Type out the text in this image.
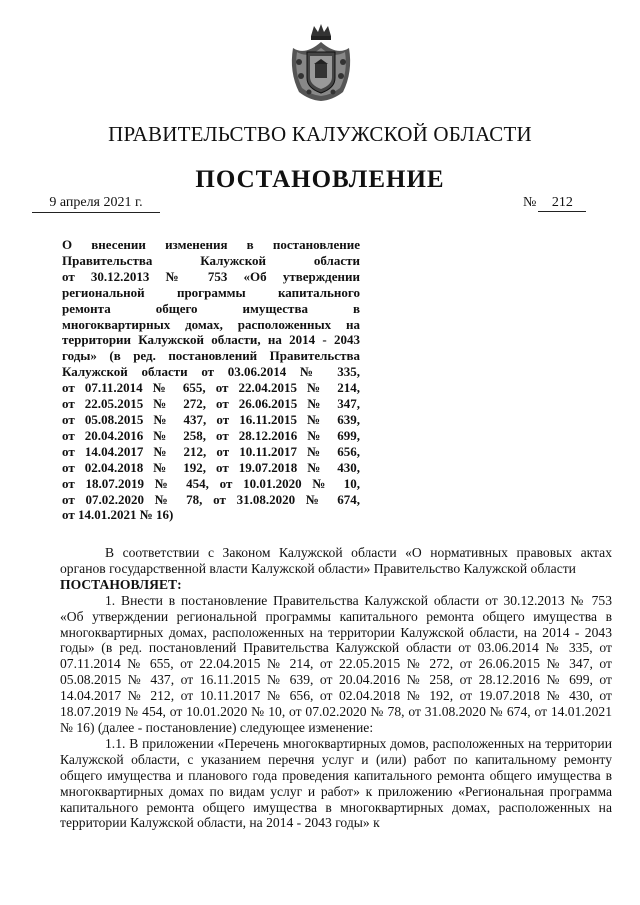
ПРАВИТЕЛЬСТВО КАЛУЖСКОЙ ОБЛАСТИ
ПОСТАНОВЛЕНИЕ
9 апреля 2021 г.	№ 212
О внесении изменения в постановление
Правительства Калужской области
от 30.12.2013 № 753 «Об утверждении
региональной программы капитального
ремонта общего имущества в
многоквартирных домах, расположенных на
территории Калужской области, на 2014 - 2043
годы» (в ред. постановлений Правительства
Калужской области от 03.06.2014 № 335,
от 07.11.2014 № 655, от 22.04.2015 № 214,
от 22.05.2015 № 272, от 26.06.2015 № 347,
от 05.08.2015 № 437, от 16.11.2015 № 639,
от 20.04.2016 № 258, от 28.12.2016 № 699,
от 14.04.2017 № 212, от 10.11.2017 № 656,
от 02.04.2018 № 192, от 19.07.2018 № 430,
от 18.07.2019 № 454, от 10.01.2020 № 10,
от 07.02.2020 № 78, от 31.08.2020 № 674,
от 14.01.2021 № 16)

В соответствии с Законом Калужской области «О нормативных правовых актах органов государственной власти Калужской области» Правительство Калужской области

ПОСТАНОВЛЯЕТ:

1. Внести в постановление Правительства Калужской области от 30.12.2013 № 753 «Об утверждении региональной программы капитального ремонта общего имущества в многоквартирных домах, расположенных на территории Калужской области, на 2014 - 2043 годы» (в ред. постановлений Правительства Калужской области от 03.06.2014 № 335, от 07.11.2014 № 655, от 22.04.2015 № 214, от 22.05.2015 № 272, от 26.06.2015 № 347, от 05.08.2015 № 437, от 16.11.2015 № 639, от 20.04.2016 № 258, от 28.12.2016 № 699, от 14.04.2017 № 212, от 10.11.2017 № 656, от 02.04.2018 № 192, от 19.07.2018 № 430, от 18.07.2019 № 454, от 10.01.2020 № 10, от 07.02.2020 № 78, от 31.08.2020 № 674, от 14.01.2021 № 16) (далее - постановление) следующее изменение:

1.1. В приложении «Перечень многоквартирных домов, расположенных на территории Калужской области, с указанием перечня услуг и (или) работ по капитальному ремонту общего имущества и планового года проведения капитального ремонта общего имущества в многоквартирных домах по видам услуг и работ» к приложению «Региональная программа капитального ремонта общего имущества в многоквартирных домах, расположенных на территории Калужской области, на 2014 - 2043 годы» к
